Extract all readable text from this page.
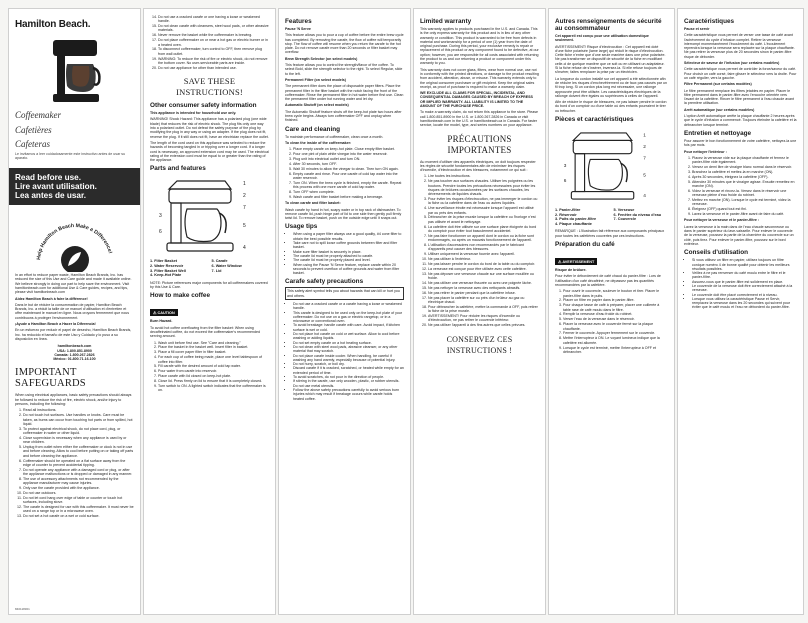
Hamilton Beach.
Coffeemaker
Cafetières
Cafeteras
Le invitamos a leer cuidadosamente este instructivo antes de usar su aparato.
Read before use.
Lire avant utilisation.
Lea antes de usar.
Help Hamilton Beach Make a Difference!

In an effort to reduce paper waste, Hamilton Beach Brands, Inc. has reduced the size of this Use and Care guide and made it available online. We believe strongly in doing our part to help save the environment. Visit hamiltonbeach.com for additional Use & Care guides, recipes, and tips, please visit hamiltonbeach.com

Aidez Hamilton Beach à faire la différence!

Dans le but de réduire la consommation de papier, Hamilton Beach Brands, Inc. a réduit la taille de ce manuel d'utilisation et d'entretien et offre maintenant le manuel en ligne. Nous croyons fermement que nous contribuons à protéger l'environnement.

¡Ayude a Hamilton Beach a Hacer la Diferencia!

En un esfuerzo por reducir el papel de desecho, Hamilton Beach Brands, Inc. ha reducido el tamaño de este Uso y Cuidado y lo puso a su disposición en línea.

hamiltonbeach.com
USA: 1.800.851.8900
Canada: 1.800.267.2826
México: 01.800.71.16.100
IMPORTANT SAFEGUARDS

When using electrical appliances, basic safety precautions should always be followed to reduce the risk of fire, electric shock, and/or injury to persons, including the following:

1. Read all instructions.
2. Do not touch hot surfaces. Use handles or knobs. Care must be taken, as burns can occur from touching hot parts or from spilled, hot liquid.
3. To protect against electrical shock, do not place cord, plug, or coffeemaker in water or other liquid.
4. Close supervision is necessary when any appliance is used by or near children.
5. Unplug from outlet when either the coffeemaker or clock is not in use and before cleaning. Allow to cool before putting on or taking off parts and before cleaning the appliance.
6. Coffeemaker should be operated on a flat surface away from the edge of counter to prevent accidental tipping.
7. Do not operate any appliance with a damaged cord or plug, or after the appliance malfunctions or is dropped or damaged in any manner.
8. The use of accessory attachments not recommended by the appliance manufacturer may cause injuries.
9. Only use the carafe provided with the appliance.
10. Do not use outdoors.
11. Do not let cord hang over edge of table or counter or touch hot surfaces, including stove.
12. The carafe is designed for use with this coffeemaker. It must never be used on a range top or in a microwave oven.
13. Do not set a hot carafe on a wet or cold surface.
840118301
14. Do not use a cracked carafe or one having a loose or weakened handle.
15. Do not clean carafe with cleansers, steel wool pads, or other abrasive materials.
16. Never remove the basket while the coffeemaker is brewing.
17. Do not place coffeemaker on or near a hot gas or electric burner or in a heated oven.
18. To disconnect coffeemaker, turn control to OFF, then remove plug from wall outlet.
19. WARNING: To reduce the risk of fire or electric shock, do not remove the bottom cover. No user-serviceable parts are inside.
20. Do not use appliance for other than intended use.
SAVE THESE INSTRUCTIONS!
Other consumer safety information

This appliance is intended for household use only.

WARNING! Shock Hazard: This appliance has a polarized plug (one wide blade) that reduces the risk of electric shock. The plug fits only one way into a polarized outlet. Do not defeat the safety purpose of the plug by modifying the plug in any way or using an adapter. If the plug does not fit, reverse the plug. If it still does not fit, have an electrician replace the outlet.

The length of the cord used on this appliance was selected to reduce the hazards of becoming tangled in or tripping over a longer cord. If a longer cord is necessary, an approved extension cord may be used. The electrical rating of the extension cord must be equal to or greater than the rating of the appliance.

Parts and features
1
2
3
4
5
6
7
1. Filter Basket	5. Carafe
2. Water Reservoir	6. Water Window
3. Filter Basket Well	7. Lid
4. Keep-Hot Plate

NOTE: Picture references major components for all coffeemakers covered by this Use & Care.

How to make coffee
⚠ CAUTION

Burn Hazard.

To avoid hot coffee overflowing from the filter basket: When using decaffeinated coffee, do not exceed the coffeemaker's recommended serving amount.

1. Wash unit before first use. See "Care and cleaning."
2. Place the basket in the basket well. Insert filter in basket.
3. Place a fill cover paper filter in filter basket.
4. For each cup of coffee being made, place one level tablespoon of coffee into filter.
5. Fill carafe with the desired amount of cold tap water.
6. Pour water from carafe into reservoir.
7. Place carafe with lid closed on keep-hot plate.
8. Close lid. Press firmly on lid to ensure that it is completely closed.
9. Turn switch to ON. A lighted switch indicates that the coffeemaker is on.
Features

Pause 'N Serve

This feature allows you to pour a cup of coffee before the entire brew cycle has completed. By removing the carafe, the flow of coffee will temporarily stop. The flow of coffee will resume when you return the carafe to the hot plate. Do not remove carafe more than 20 seconds or filter basket may overflow.

Brew Strength Selector (on select models)

This feature allows you to control the strength/flavor of the coffee. To select Bold, slide the strength selector to the right. To select Regular, slide to the left.

Permanent Filter (on select models)

The permanent filter does the place of disposable paper filters. Place the permanent filter in the filter basket with the notch facing the front of the coffeemaker. Rinse the permanent filter in hot water before first use. Clean the permanent filter under hot running water and let dry.

Automatic Shutoff (on select models)

The Automatic Shutoff feature shuts off the keep-hot plate two hours after brew cycle begins. Always turn coffeemaker OFF and unplug when finished.

Care and cleaning

To maintain performance of coffeemaker, clean once a month.

To clean the inside of the coffeemaker:

1. Place empty carafe on keep-hot plate. Close empty filter basket.
2. Pour one pint of plain white vinegar into the water reservoir.
3. Plug unit into electrical outlet and turn ON.
4. After 30 seconds, turn OFF.
5. Wait 30 minutes to allow the vinegar to clean. Then turn ON again.
6. Empty carafe and rinse. Pour one carafe of cold tap water into the water reservoir.
7. Turn ON. When the brew cycle is finished, empty the carafe. Repeat this process with one more carafe of cold tap water.
8. Turn OFF when complete.
9. Wash carafe and filter basket before making a beverage.

To clean carafe and filter basket:

Wash carafe by hand in hot, soapy water or in top rack of dishwasher. To remove carafe lid, push hinge part of lid to one side then gently pull firmly twist lid. To remove basket, push on the outside edge until it snaps out.

Usage tips
• When using a paper filter always use a good quality, #4 cone filter to obtain the best possible results.
• Take care not to spill loose coffee grounds between filter and filter basket.
• Make sure filter basket is securely in place.
• The carafe lid must be properly attached to carafe.
• The carafe lid must be properly placed and level.
• When using the Pause 'N Serve feature, replace carafe within 20 seconds to prevent overflow of coffee grounds and water from filter basket.
Carafe safety precautions

This safety alert symbol tells you about hazards that can kill or hurt you and others.

• Do not use a cracked carafe or a carafe having a loose or weakened handle.
• This carafe is designed to be used only on the keep-hot plate of your coffeemaker. Do not use on a gas or electric rangetop, or in a microwave or conventional oven.
• To avoid breakage: handle carafe with care. Avoid impact, if kitchen surface is wet or cold.
• Do not place hot carafe on cold or wet surface. Allow to cool before washing or adding liquids.
• Do not set empty carafe on a hot heating surface.
• Do not clean with steel wool pads, abrasive cleanser, or any other material that may scratch.
• Do not place carafe inside cooler. When handling, be careful if washing any hand warmly, especially because of potential injury.
• Do not hurry, scratch, or boil dry.
• Discard carafe if it is cracked, scratched, or heated while empty for an extended period of time.
• To avoid scratches, do not pour in the direction of people.
• If stirring in the carafe, use only wooden, plastic, or rubber utensils. Do not use metal utensils.
• Follow the above safety precautions carefully to avoid serious burn injuries which may result if breakage occurs while carafe holds heated coffee.
Limited warranty

This warranty applies to products purchased in the U.S. and Canada. This is the only express warranty for this product and is in lieu of any other warranty or condition. This product is warranted to be free from defects in material and workmanship for a period of one (1) year from the date of original purchase. During this period, your exclusive remedy is repair or replacement of this product or any component found to be defective, at our option; however, you are responsible for all costs associated with returning the product to us and our returning a product or component under this warranty to you.

This warranty does not cover glass, filters, wear from normal use, use not in conformity with the printed directions, or damage to the product resulting from accident, alteration, abuse, or misuse. This warranty extends only to the original consumer purchaser or gift recipient. Keep the original sales receipt, as proof of purchase is required to make a warranty claim.

WE EXCLUDE ALL CLAIMS FOR SPECIAL, INCIDENTAL, AND CONSEQUENTIAL DAMAGES CAUSED BY BREACH OF EXPRESS OR IMPLIED WARRANTY. ALL LIABILITY IS LIMITED TO THE AMOUNT OF THE PURCHASE PRICE.

To make a warranty claim, do not return this appliance to the store. Please call 1.800.851.8900 in the U.S. or 1.800.267.2826 in Canada or visit hamiltonbeach.com in the U.S. or hamiltonbeach.ca in Canada. For faster service, locate the model, type, and series numbers on your appliance.

PRÉCAUTIONS IMPORTANTES

Au moment d'utiliser des appareils électriques, on doit toujours respecter les règles de sécurité fondamentales afin de minimiser les risques d'incendie, d'électrocution et des blessures, notamment ce qui suit :

1. Lire toutes les instructions.
2. Ne pas toucher aux surfaces chaudes. Utiliser les poignées ou les boutons. Prendre toutes les précautions nécessaires pour éviter les risques de brûlures occasionnées par les surfaces chaudes, les déversements de liquides chauds.
3. Pour éviter les risques d'électrocution, ne pas immerger le cordon ou la fiche ou la cafetière dans de l'eau ou autres liquides.
4. Une surveillance étroite est nécessaire lorsque l'appareil est utilisé par ou près des enfants.
5. Débrancher de la prise murale lorsque la cafetière ou l'horloge n'est pas utilisée et avant le nettoyage.
6. La cafetière doit être utilisée sur une surface plane éloignée du bord du comptoir pour éviter tout basculement accidentel.
7. Ne pas faire fonctionner un appareil dont le cordon ou la fiche sont endommagés, ou après un mauvais fonctionnement de l'appareil.
8. L'utilisation d'accessoires non recommandés par le fabricant d'appareils peut causer des blessures.
9. Utiliser uniquement la verseuse fournie avec l'appareil.
10. Ne pas utiliser à l'extérieur.
11. Ne pas laisser pendre le cordon du bord de la table ou du comptoir.
12. La verseuse est conçue pour être utilisée avec cette cafetière.
13. Ne pas déposer une verseuse chaude sur une surface mouillée ou froide.
14. Ne pas utiliser une verseuse fissurée ou avec une poignée lâche.
15. Ne pas nettoyer la verseuse avec des nettoyants abrasifs.
16. Ne pas retirer le panier pendant que la cafetière infuse.
17. Ne pas placer la cafetière sur ou près d'un brûleur au gaz ou électrique chaud.
18. Pour débrancher la cafetière, mettre la commande à OFF, puis retirer la fiche de la prise murale.
19. AVERTISSEMENT! Pour réduire les risques d'incendie ou d'électrocution, ne pas retirer le couvercle inférieur.
20. Ne pas utiliser l'appareil à des fins autres que celles prévues.
CONSERVEZ CES INSTRUCTIONS !
Autres renseignements de sécurité au consommateur

Cet appareil est conçu pour une utilisation domestique seulement.

AVERTISSEMENT! Risque d'électrocution : Cet appareil est doté d'une fiche polarisée (lame large) qui réduit le risque d'électrocution. Cette fiche n'entre que d'une seule manière dans une prise polarisée. Ne pas transformer ce dispositif de sécurité de la fiche en modifiant celle-ci de quelque manière que ce soit ou en utilisant un adaptateur. Si la fiche refuse de s'insérer, inversez-la. Si elle refuse toujours de s'insérer, faites remplacer la prise par un électricien.

La longueur du cordon installé sur cet appareil a été sélectionnée afin de réduire les risques d'enchevêtrement ou de faux pas causés par un fil trop long. Si un cordon plus long est nécessaire, une rallonge approuvée peut être utilisée. Les caractéristiques électriques de la rallonge doivent être égales ou supérieures à celles de l'appareil.

Afin de réduire le risque de blessures, ne pas laisser pendre le cordon du bord d'un comptoir ou d'une table où des enfants pourraient le tirer ou trébucher.

Pièces et caractéristiques
1
2
3
4
5
6
7
1. Panier-filtre	5. Verseuse
2. Réservoir	6. Fenêtre du niveau d'eau
3. Puits du panier-filtre	7. Couvercle
4. Plaque chauffante

REMARQUE : L'illustration fait référence aux composants principaux pour toutes les cafetières couvertes par ces instructions.

Préparation du café
⚠ AVERTISSEMENT

Risque de brûlure.

Pour éviter le débordement de café chaud du panier-filtre : Lors de l'utilisation d'un café décaféiné, ne dépassez pas les quantités recommandées par la cafetière.

1. Pour ouvrir le couvercle, soulever le bouton et tirer. Placer le panier-filtre dans le puits.
2. Placer un filtre en papier dans le panier-filtre.
3. Pour chaque tasse de café à préparer, placer une cuillerée à table rase de café moulu dans le filtre.
4. Remplir la verseuse d'eau froide du robinet.
5. Verser l'eau de la verseuse dans le réservoir.
6. Placer la verseuse avec le couvercle fermé sur la plaque chauffante.
7. Fermer le couvercle. Appuyer fermement sur le couvercle.
8. Mettre l'interrupteur à ON. Le voyant lumineux indique que la cafetière est allumée.
9. Lorsque le cycle est terminé, mettre l'interrupteur à OFF et débrancher.
Caractéristiques

Pause et servir

Cette caractéristique vous permet de verser une tasse de café avant l'achèvement du cycle d'infusion complet. Retirer la verseuse interrompt momentanément l'écoulement du café. L'écoulement reprendra lorsque la verseuse sera replacée sur la plaque chauffante. Ne pas retirer la verseuse plus de 20 secondes sinon le panier-filtre risque de déborder.

Sélecteur de saveur de l'infusion (sur certains modèles)

Cette caractéristique vous permet de contrôler la force/saveur du café. Pour choisir un café corsé, faire glisser le sélecteur vers la droite. Pour un café régulier, vers la gauche.

Filtre Permanent (sur certains modèles)

Le filtre permanent remplace les filtres jetables en papier. Placer le filtre permanent dans le panier-filtre avec l'encoche orientée vers l'avant de la cafetière. Rincer le filtre permanent à l'eau chaude avant la première utilisation.

Arrêt automatique (sur certains modèles)

L'option Arrêt automatique arrête la plaque chauffante 2 heures après que le cycle d'infusion a commencé. Toujours éteindre la cafetière et la débrancher lorsque terminé.

Entretien et nettoyage

Pour assurer le bon fonctionnement de votre cafetière, nettoyez-la une fois par mois.

Pour nettoyer l'intérieur :

1. Placez la verseuse vide sur la plaque chauffante et fermez le panier-filtre vide également.
2. Versez un demi litre de vinaigre blanc normal dans le réservoir.
3. Branchez la cafetière et mettez-la en marche (ON).
4. Après 30 secondes, éteignez la cafetière (OFF).
5. Attendez 30 minutes que le vinaigre agisse. Ensuite remettez en marche (ON).
6. Videz la verseuse et rincez-la. Versez dans le réservoir une verseuse pleine d'eau froide du robinet.
7. Mettez en marche (ON). Lorsque le cycle est terminé, videz la verseuse.
8. Éteignez (OFF) quand tout est fini.
9. Lavez la verseuse et le panier-filtre avant de faire du café.

Pour nettoyer la verseuse et le panier-filtre :

Lavez la verseuse à la main dans de l'eau chaude savonneuse ou dans le panier supérieur du lave-vaisselle. Pour enlever le couvercle de la verseuse, poussez la partie de la charnière du couvercle sur un côté, puis tirez. Pour enlever le panier-filtre, poussez sur le bord extérieur.

Conseils d'utilisation
• Si vous utilisez un filtre en papier, utilisez toujours un filtre conique numéro 4 de bonne qualité pour obtenir les meilleurs résultats possibles.
• Veillez à ne pas renverser du café moulu entre le filtre et le panier-filtre.
• Assurez-vous que le panier-filtre est solidement en place.
• Le couvercle de la verseuse doit être correctement attaché à la verseuse.
• Le couvercle doit être placé correctement et à niveau.
• Lorsque vous utilisez la caractéristique Pause et Servir, remplacez la verseuse dans les 20 secondes qui suivent pour éviter que le café moulu et l'eau ne débordent du panier-filtre.
